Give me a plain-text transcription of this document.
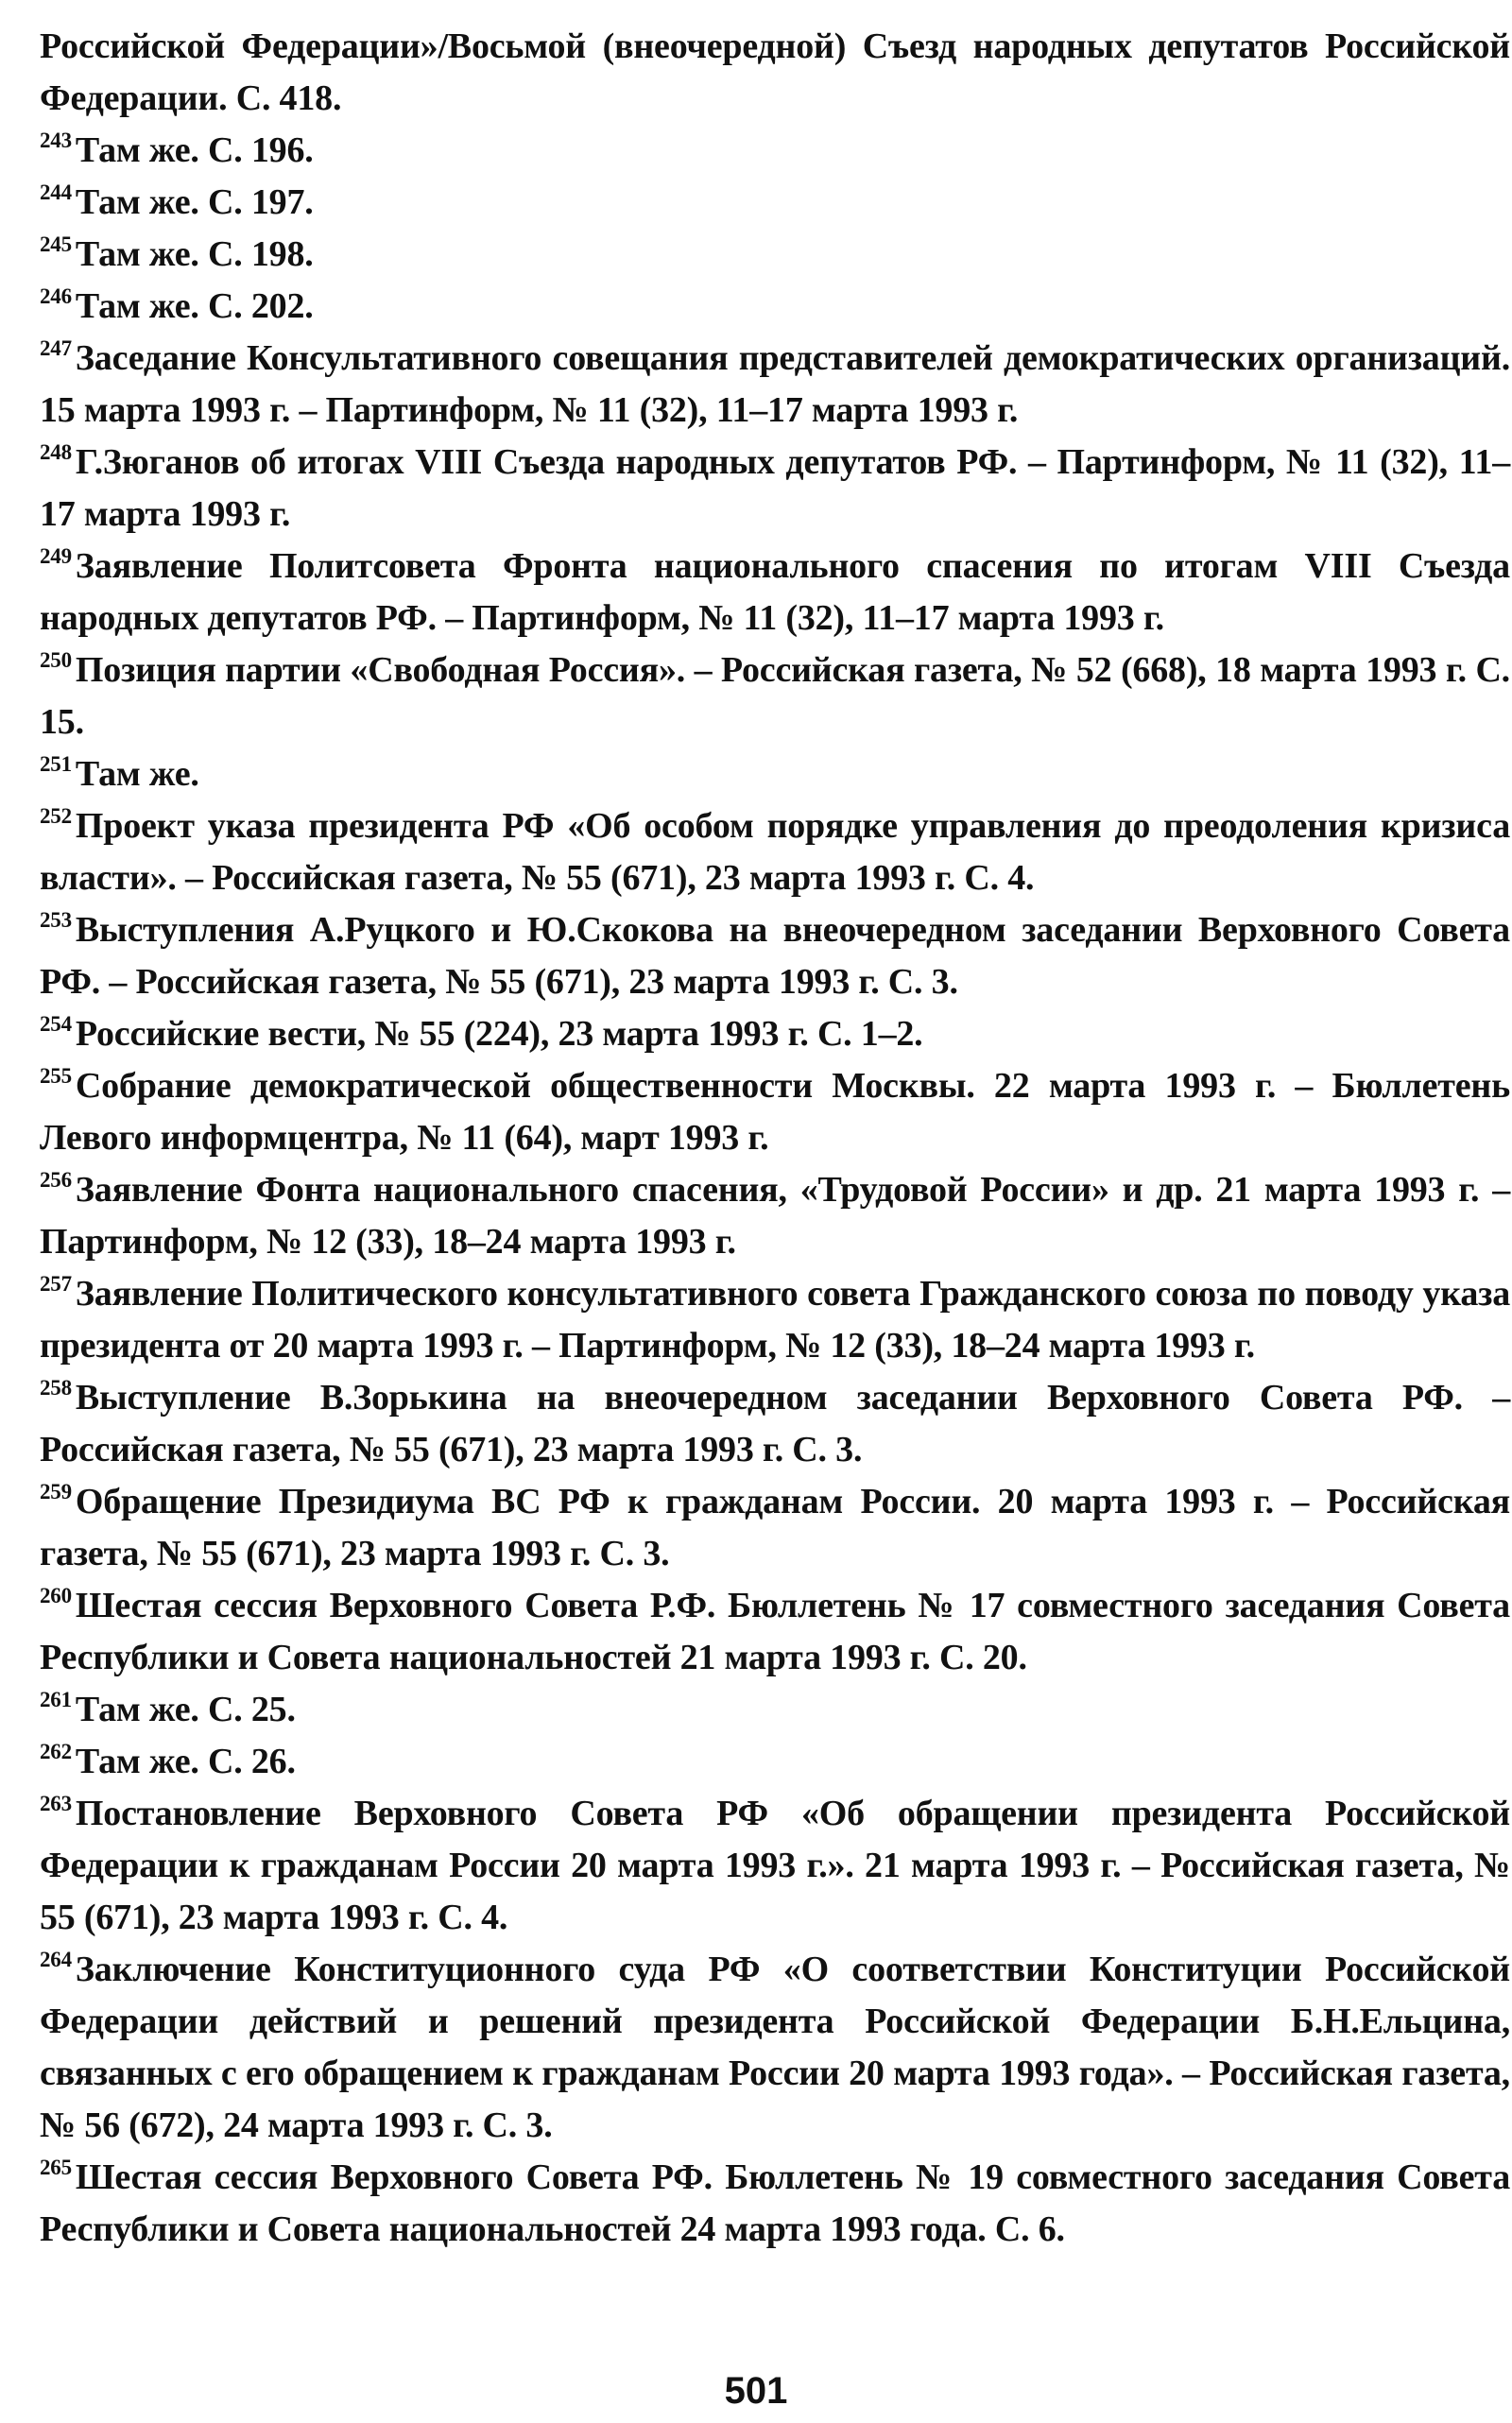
Российской Федерации»/Восьмой (внеочередной) Съезд народных депутатов Российской Федерации. С. 418.

$^{243}$ Там же. С. 196.

$^{244}$ Там же. С. 197.

$^{245}$ Там же. С. 198.

$^{246}$ Там же. С. 202.

$^{247}$ Заседание Консультативного совещания представителей демократических организаций. 15 марта 1993 г. – Партинформ, № 11 (32), 11–17 марта 1993 г.

$^{248}$ Г.Зюганов об итогах VIII Съезда народных депутатов РФ. – Партинформ, № 11 (32), 11–17 марта 1993 г.

$^{249}$ Заявление Политсовета Фронта национального спасения по итогам VIII Съезда народных депутатов РФ. – Партинформ, № 11 (32), 11–17 марта 1993 г.

$^{250}$ Позиция партии «Свободная Россия». – Российская газета, № 52 (668), 18 марта 1993 г. С. 15.

$^{251}$ Там же.

$^{252}$ Проект указа президента РФ «Об особом порядке управления до преодоления кризиса власти». – Российская газета, № 55 (671), 23 марта 1993 г. С. 4.

$^{253}$ Выступления А.Руцкого и Ю.Скокова на внеочередном заседании Верховного Совета РФ. – Российская газета, № 55 (671), 23 марта 1993 г. С. 3.

$^{254}$ Российские вести, № 55 (224), 23 марта 1993 г. С. 1–2.

$^{255}$ Собрание демократической общественности Москвы. 22 марта 1993 г. – Бюллетень Левого информцентра, № 11 (64), март 1993 г.

$^{256}$ Заявление Фонта национального спасения, «Трудовой России» и др. 21 марта 1993 г. – Партинформ, № 12 (33), 18–24 марта 1993 г.

$^{257}$ Заявление Политического консультативного совета Гражданского союза по поводу указа президента от 20 марта 1993 г. – Партинформ, № 12 (33), 18–24 марта 1993 г.

$^{258}$ Выступление В.Зорькина на внеочередном заседании Верховного Совета РФ. – Российская газета, № 55 (671), 23 марта 1993 г. С. 3.

$^{259}$ Обращение Президиума ВС РФ к гражданам России. 20 марта 1993 г. – Российская газета, № 55 (671), 23 марта 1993 г. С. 3.

$^{260}$ Шестая сессия Верховного Совета Р.Ф. Бюллетень № 17 совместного заседания Совета Республики и Совета национальностей 21 марта 1993 г. С. 20.

$^{261}$ Там же. С. 25.

$^{262}$ Там же. С. 26.

$^{263}$ Постановление Верховного Совета РФ «Об обращении президента Российской Федерации к гражданам России 20 марта 1993 г.». 21 марта 1993 г. – Российская газета, № 55 (671), 23 марта 1993 г. С. 4.

$^{264}$ Заключение Конституционного суда РФ «О соответствии Конституции Российской Федерации действий и решений президента Российской Федерации Б.Н.Ельцина, связанных с его обращением к гражданам России 20 марта 1993 года». – Российская газета, № 56 (672), 24 марта 1993 г. С. 3.

$^{265}$ Шестая сессия Верховного Совета РФ. Бюллетень № 19 совместного заседания Совета Республики и Совета национальностей 24 марта 1993 года. С. 6.

501
